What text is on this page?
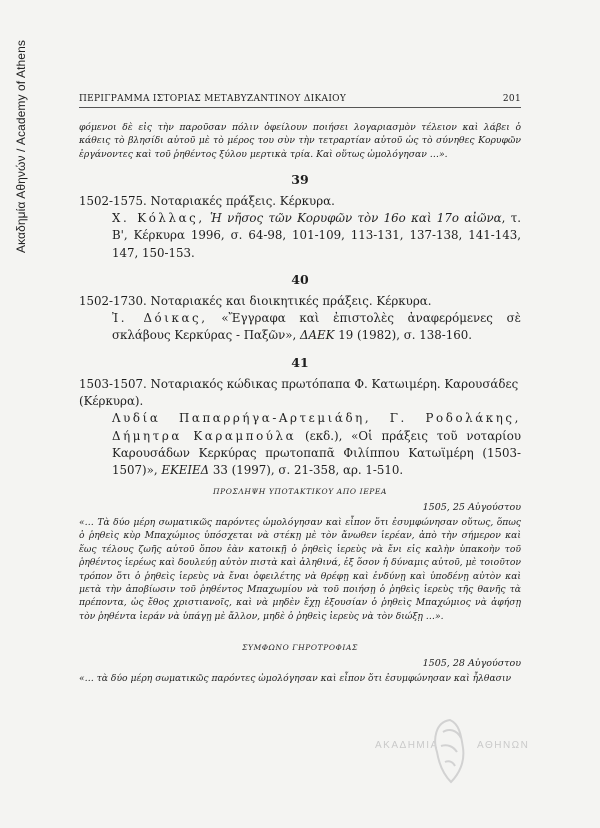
Ακαδημία Αθηνών / Academy of Athens	ΠΕΡΙΓΡΑΜΜΑ ΙΣΤΟΡΙΑΣ ΜΕΤΑΒΥΖΑΝΤΙΝΟΥ ΔΙΚΑΙΟΥ	201

φόμενοι δὲ εἰς τὴν παροῦσαν πόλιν ὀφείλουν ποιήσει λογαριασμὸν τέλειον καὶ λάβει ὁ κάθεις τὸ βλησίδι αὐτοῦ μὲ τὸ μέρος του σὺν τὴν τετραρτίαν αὐτοῦ ὡς τὸ σύνηθες Κορυφῶν ἐργάνοντες καὶ τοῦ ῥηθέντος ξύλου μερτικὰ τρία. Καὶ οὕτως ὡμολόγησαν …».

39

1502-1575. Νοταριακές πράξεις. Κέρκυρα.

Χ. Κόλλας, Ἡ νῆσος τῶν Κορυφῶν τὸν 16ο καὶ 17ο αἰῶνα, τ. Β', Κέρκυρα 1996, σ. 64-98, 101-109, 113-131, 137-138, 141-143, 147, 150-153.

40

1502-1730. Νοταριακές και διοικητικές πράξεις. Κέρκυρα.

Ἰ. Δόικας, «Ἔγγραφα καὶ ἐπιστολὲς ἀναφερόμενες σὲ σκλάβους Κερκύρας - Παξῶν», ΔΑΕΚ 19 (1982), σ. 138-160.

41

1503-1507. Νοταριακός κώδικας πρωτόπαπα Φ. Κατωιμέρη. Καρουσάδες (Κέρκυρα).

Λυδία Παπαρρήγα-Αρτεμιάδη, Γ. Ροδολάκης, Δήμητρα Καραμπούλα (εκδ.), «Οἱ πράξεις τοῦ νοταρίου Καρουσάδων Κερκύρας πρωτοπαπᾶ Φιλίππου Κατωϊμέρη (1503-1507)», ΕΚΕΙΕΔ 33 (1997), σ. 21-358, αρ. 1-510.

ΠΡΟΣΛΗΨΗ ΥΠΟΤΑΚΤΙΚΟΥ ΑΠΟ ΙΕΡΕΑ

1505, 25 Αὐγούστου

«… Τὰ δύο μέρη σωματικῶς παρόντες ὡμολόγησαν καὶ εἶπον ὅτι ἐσυμφώνησαν οὕτως, ὅπως ὁ ῥηθεὶς κὺρ Μπαχώμιος ὑπόσχεται νὰ στέκῃ μὲ τὸν ἄνωθεν ἱερέαν, ἀπὸ τὴν σήμερον καὶ ἕως τέλους ζωῆς αὐτοῦ ὅπου ἐὰν κατοικῇ ὁ ῥηθεὶς ἱερεὺς νὰ ἔνι εἰς καλὴν ὑπακοὴν τοῦ ῥηθέντος ἱερέως καὶ δουλεύῃ αὐτὸν πιστὰ καὶ ἀληθινά, ἐξ ὅσον ἡ δύναμις αὐτοῦ, μὲ τοιοῦτον τρόπον ὅτι ὁ ῥηθεὶς ἱερεὺς νὰ ἔναι ὀφειλέτης νὰ θρέφῃ καὶ ἐνδύνῃ καὶ ὑποδένῃ αὐτὸν καὶ μετὰ τὴν ἀποβίωσιν τοῦ ῥηθέντος Μπαχωμίου νὰ τοῦ ποιήσῃ ὁ ῥηθεὶς ἱερεὺς τῆς θανῆς τὰ πρέποντα, ὡς ἔθος χριστιανοῖς, καὶ νὰ μηδὲν ἔχῃ ἐξουσίαν ὁ ῥηθεὶς Μπαχώμιος νὰ ἀφήσῃ τὸν ῥηθέντα ἱεράν νὰ ὑπάγῃ μὲ ἄλλον, μηδὲ ὁ ῥηθεὶς ἱερεὺς νὰ τὸν διώξῃ …».

ΣΥΜΦΩΝΟ ΓΗΡΟΤΡΟΦΙΑΣ

1505, 28 Αὐγούστου

«… τὰ δύο μέρη σωματικῶς παρόντες ὡμολόγησαν καὶ εἶπον ὅτι ἐσυμφώνησαν καὶ ἦλθασιν

ΑΚΑΔΗΜΙΑ	ΑΘΗΝΩΝ
